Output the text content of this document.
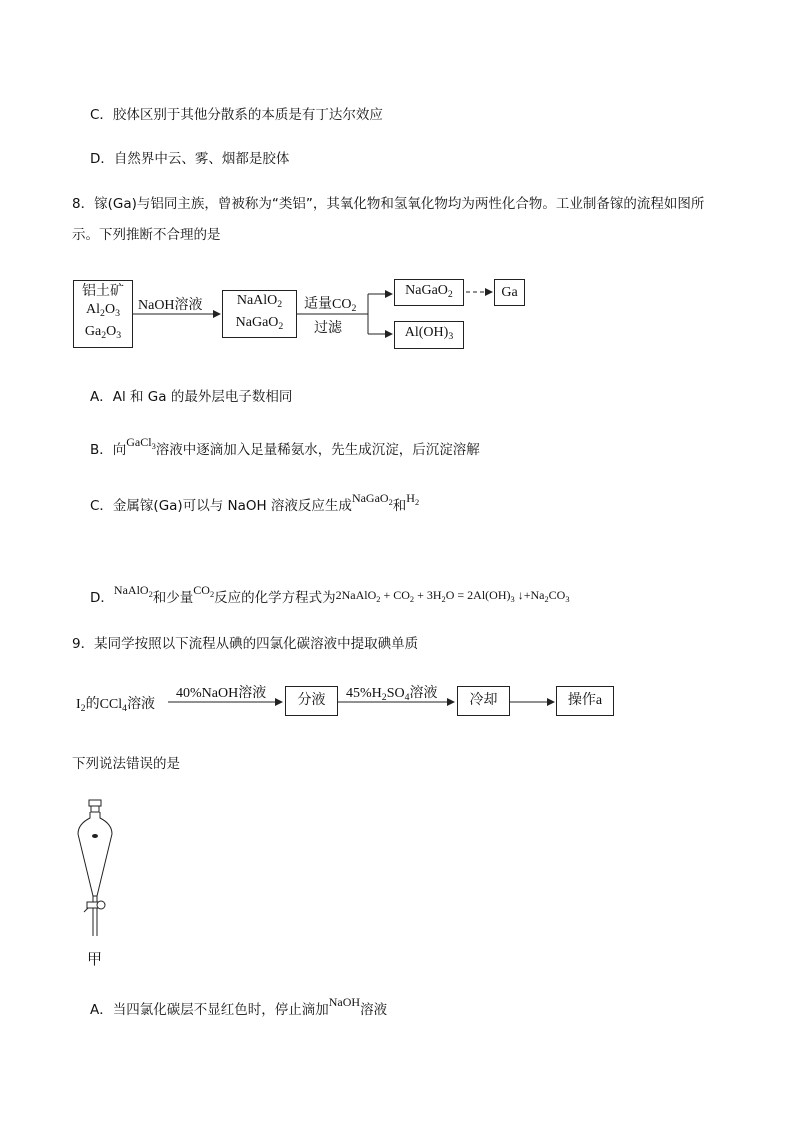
C．胶体区别于其他分散系的本质是有丁达尔效应
D．自然界中云、雾、烟都是胶体
8．镓(Ga)与铝同主族，曾被称为“类铝”，其氧化物和氢氧化物均为两性化合物。工业制备镓的流程如图所
示。下列推断不合理的是
铝土矿
$Al_2O_3$
$Ga_2O_3$
NaOH溶液 NaAlO$_2$
NaGaO$_2$
适量$CO_2$
过滤
NaGaO$_2$	Ga
$Al(OH)_3$
A．Al 和 Ga 的最外层电子数相同
B．向GaCl$_3$溶液中逐滴加入足量稀氨水，先生成沉淀，后沉淀溶解
C．金属镓(Ga)可以与 NaOH 溶液反应生成NaGaO$_2$和$H_2$
D．NaAlO$_2$和少量$CO_2$反应的化学方程式为2NaAlO$_2$ + $CO_2 + 3H_2O = 2Al(OH)_3$ $↓+Na_2CO_3$
9．某同学按照以下流程从碘的四氯化碳溶液中提取碘单质
$I_2$的CCl$_4$溶液
40%NaOH溶液 分液 $45\%H_2SO_4$溶液 冷却	操作a
下列说法错误的是
甲
A．当四氯化碳层不显红色时，停止滴加NaOH溶液
